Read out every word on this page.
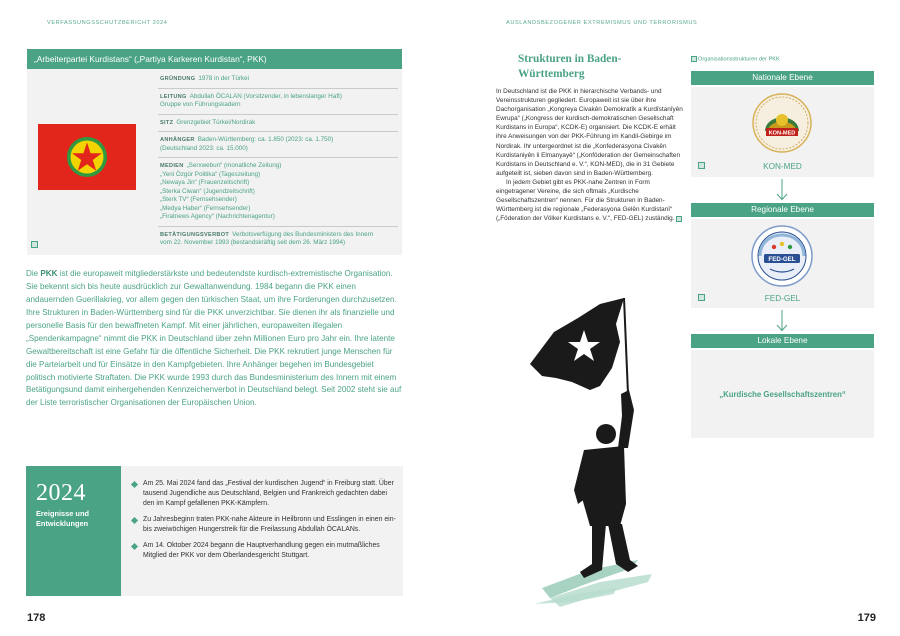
VERFASSUNGSSCHUTZBERICHT 2024	AUSLANDSBEZOGENER EXTREMISMUS UND TERRORISMUS
„Arbeiterpartei Kurdistans“ („Partiya Karkeren Kurdistan“, PKK)
GRÜNDUNG 1978 in der Türkei
LEITUNG Abdullah ÖCALAN (Vorsitzender, in lebenslanger Haft)
Gruppe von Führungskadern
SITZ Grenzgebiet Türkei/Nordirak
ANHÄNGER Baden-Württemberg: ca. 1.850 (2023: ca. 1.750)
(Deutschland 2023: ca. 15.000)
MEDIEN „Serxwebun“ (monatliche Zeitung)
„Yeni Özgür Politika“ (Tageszeitung)
„Newaya Jin“ (Frauenzeitschrift)
„Sterka Ciwan“ (Jugendzeitschrift)
„Sterk TV“ (Fernsehsender)
„Medya Haber“ (Fernsehsender)
„Firatnews Agency“ (Nachrichtenagentur)
BETÄTIGUNGSVERBOT Verbotsverfügung des Bundesministers des Innern
vom 22. November 1993 (bestandskräftig seit dem 26. März 1994)

Die PKK ist die europaweit mitgliederstärkste und bedeutendste kurdisch-extremistische Organisation. Sie bekennt sich bis heute ausdrücklich zur Gewaltanwendung. 1984 begann die PKK einen andauernden Guerillakrieg, vor allem gegen den türkischen Staat, um ihre Forderungen durchzusetzen. Ihre Strukturen in Baden-Württemberg sind für die PKK unverzichtbar. Sie dienen ihr als finanzielle und personelle Basis für den bewaffneten Kampf. Mit einer jährlichen, europaweiten illegalen „Spendenkampagne“ nimmt die PKK in Deutschland über zehn Millionen Euro pro Jahr ein. Ihre latente Gewaltbereitschaft ist eine Gefahr für die öffentliche Sicherheit. Die PKK rekrutiert junge Menschen für die Parteiarbeit und für Einsätze in den Kampfgebieten. Ihre Anhänger begehen im Bundesgebiet politisch motivierte Straftaten. Die PKK wurde 1993 durch das Bundesministerium des Innern mit einem Betätigungsund damit einhergehenden Kennzeichenverbot in Deutschland belegt. Seit 2002 steht sie auf der Liste terroristischer Organisationen der Europäischen Union.

2024
Ereignisse und Entwicklungen
Am 25. Mai 2024 fand das „Festival der kurdischen Jugend“ in Freiburg statt. Über tausend Jugendliche aus Deutschland, Belgien und Frankreich gedachten dabei den im Kampf gefallenen PKK-Kämpfern.
Zu Jahresbeginn traten PKK-nahe Akteure in Heilbronn und Esslingen in einen ein- bis zweiwöchigen Hungerstreik für die Freilassung Abdullah ÖCALANs.
Am 14. Oktober 2024 begann die Hauptverhandlung gegen ein mutmaßliches Mitglied der PKK vor dem Oberlandesgericht Stuttgart.
178	179
Strukturen in Baden-Württemberg

In Deutschland ist die PKK in hierarchische Verbands- und Vereinsstrukturen gegliedert. Europaweit ist sie über ihre Dachorganisation „Kongreya Civakên Demokratîk a Kurdîstanîyên Ewrupa“ („Kongress der kurdisch-demokratischen Gesellschaft Kurdistans in Europa“, KCDK-E) organisiert. Die KCDK-E erhält ihre Anweisungen von der PKK-Führung im Kandil-Gebirge im Nordirak. Ihr untergeordnet ist die „Konfederasyona Civakên Kurdistaniyên li Elmanyayê“ („Konföderation der Gemeinschaften Kurdistans in Deutschland e. V.“, KON-MED), die in 31 Gebiete aufgeteilt ist, sieben davon sind in Baden-Württemberg.

In jedem Gebiet gibt es PKK-nahe Zentren in Form eingetragener Vereine, die sich oftmals „Kurdische Gesellschaftszentren“ nennen. Für die Strukturen in Baden-Württemberg ist die regionale „Federasyona Gelên Kurdistanî“ („Föderation der Völker Kurdistans e. V.“, FED-GEL) zuständig.

Organisationsstrukturen der PKK
Nationale Ebene
KON-MED
KON-MED
Regionale Ebene
FED-GEL
FED-GEL
Lokale Ebene
„Kurdische Gesellschaftszentren“
